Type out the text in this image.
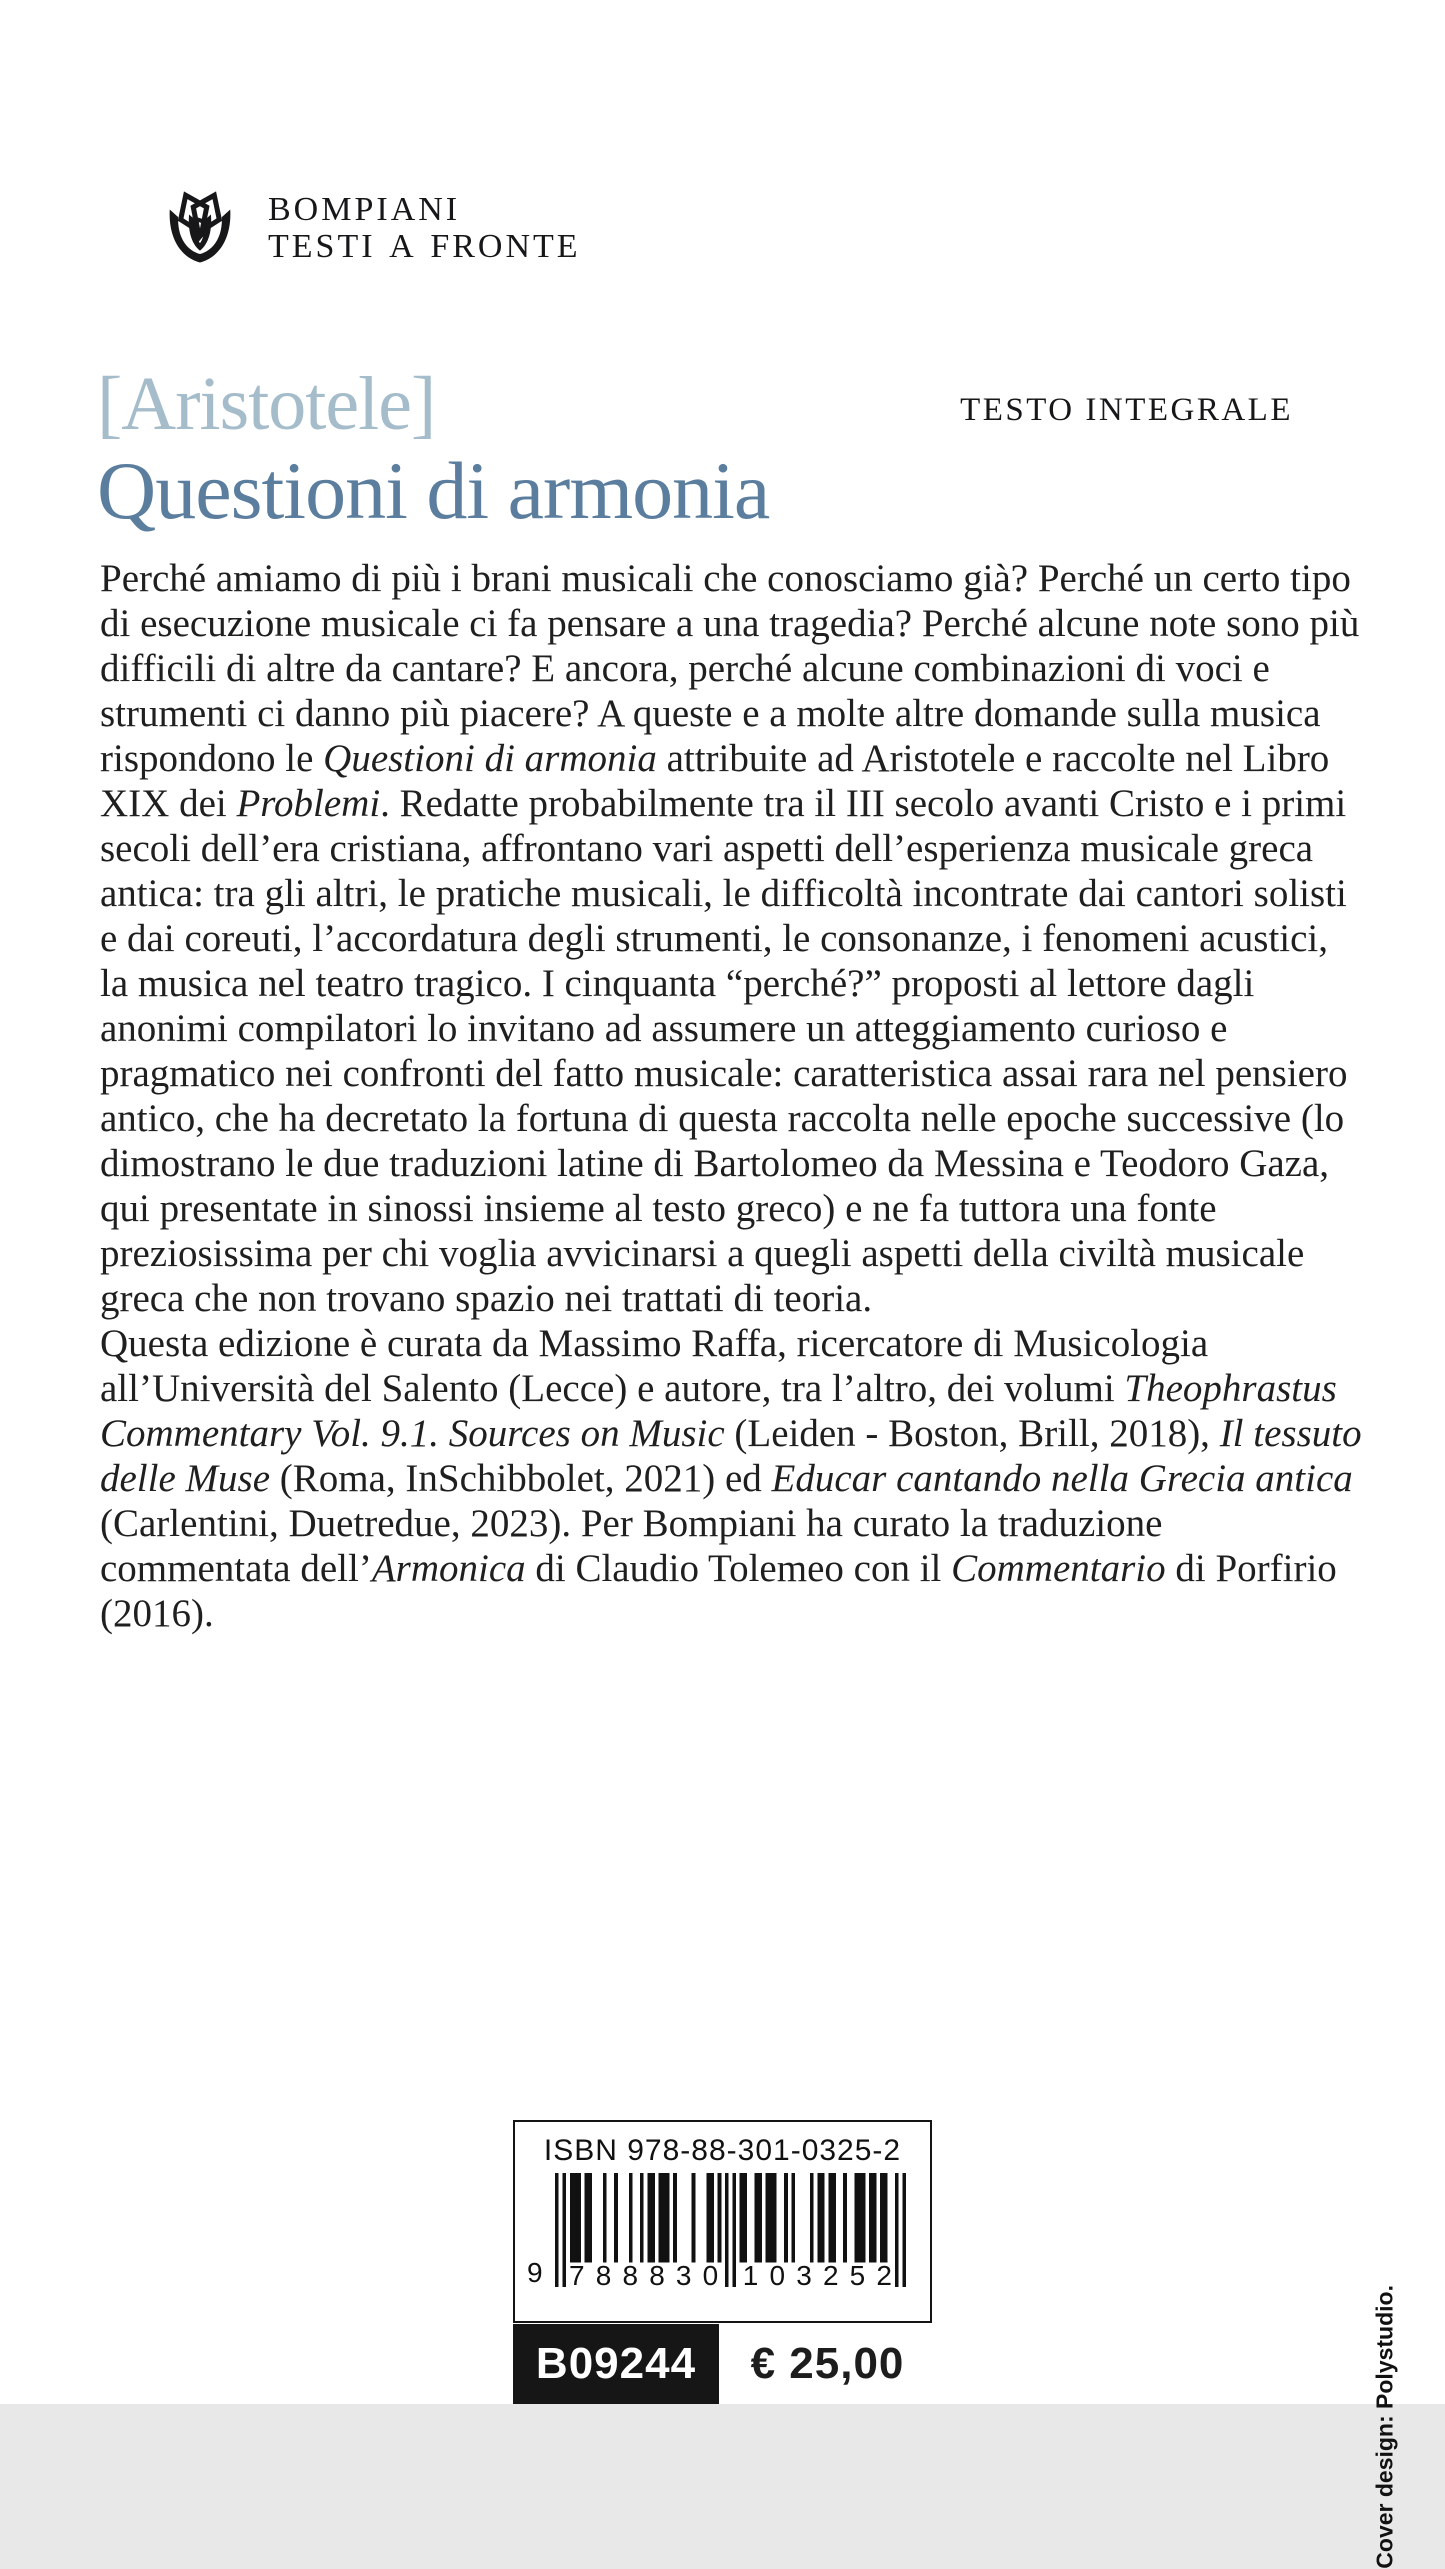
BOMPIANI
TESTI A FRONTE
TESTO INTEGRALE
[Aristotele]
Questioni di armonia

Perché amiamo di più i brani musicali che conosciamo già? Perché un certo tipo di esecuzione musicale ci fa pensare a una tragedia? Perché alcune note sono più difficili di altre da cantare? E ancora, perché alcune combinazioni di voci e strumenti ci danno più piacere? A queste e a molte altre domande sulla musica rispondono le Questioni di armonia attribuite ad Aristotele e raccolte nel Libro XIX dei Problemi. Redatte probabilmente tra il III secolo avanti Cristo e i primi secoli dell’era cristiana, affrontano vari aspetti dell’esperienza musicale greca antica: tra gli altri, le pratiche musicali, le difficoltà incontrate dai cantori solisti e dai coreuti, l’accordatura degli strumenti, le consonanze, i fenomeni acustici, la musica nel teatro tragico. I cinquanta “perché?” proposti al lettore dagli anonimi compilatori lo invitano ad assumere un atteggiamento curioso e pragmatico nei confronti del fatto musicale: caratteristica assai rara nel pensiero antico, che ha decretato la fortuna di questa raccolta nelle epoche successive (lo dimostrano le due traduzioni latine di Bartolomeo da Messina e Teodoro Gaza, qui presentate in sinossi insieme al testo greco) e ne fa tuttora una fonte preziosissima per chi voglia avvicinarsi a quegli aspetti della civiltà musicale greca che non trovano spazio nei trattati di teoria.

Questa edizione è curata da Massimo Raffa, ricercatore di Musicologia all’Università del Salento (Lecce) e autore, tra l’altro, dei volumi Theophrastus Commentary Vol. 9.1. Sources on Music (Leiden - Boston, Brill, 2018), Il tessuto delle Muse (Roma, InSchibbolet, 2021) ed Educar cantando nella Grecia antica (Carlentini, Duetredue, 2023). Per Bompiani ha curato la traduzione commentata dell’Armonica di Claudio Tolemeo con il Commentario di Porfirio (2016).

ISBN 978-88-301-0325-2
9 7 8 8 8 3 0 1 0 3 2 5 2
B09244	€ 25,00	Cover design: Polystudio.
